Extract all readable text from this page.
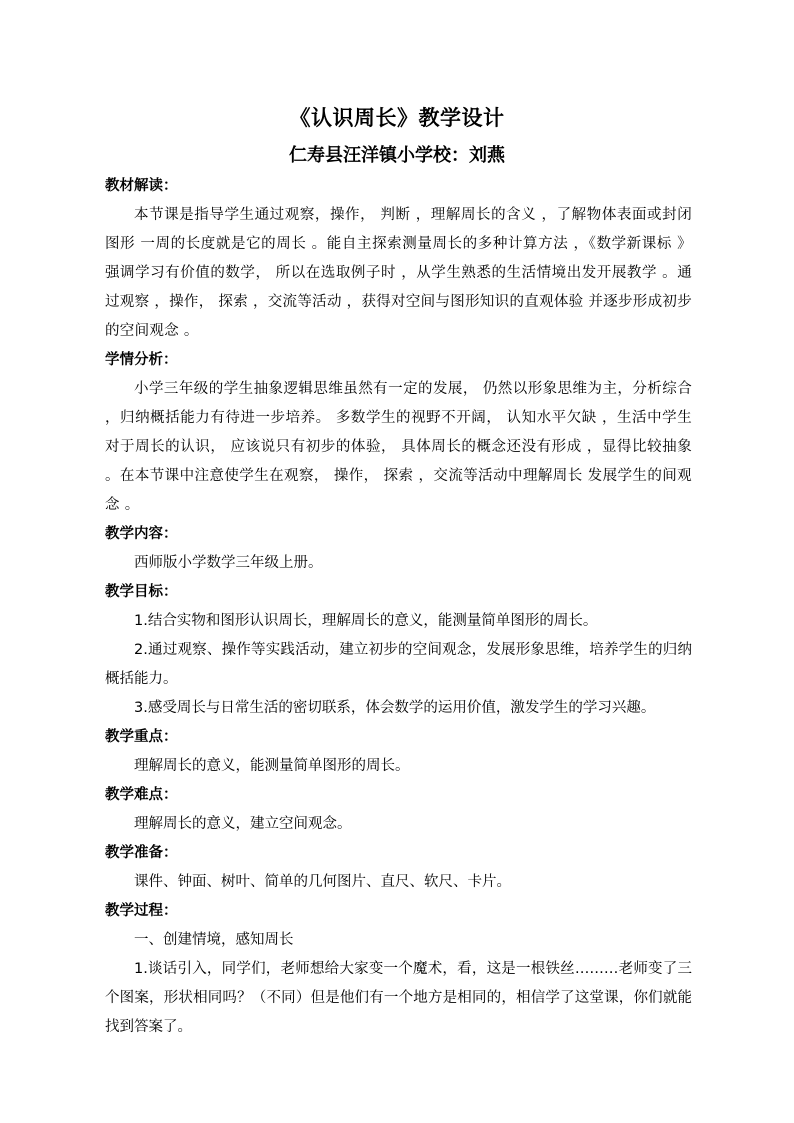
《认识周长》教学设计
仁寿县汪洋镇小学校：刘燕

教材解读：

本节课是指导学生通过观察，操作， 判断 ，理解周长的含义 ，了解物体表面或封闭图形 一周的长度就是它的周长 。能自主探索测量周长的多种计算方法 ，《数学新课标 》强调学习有价值的数学， 所以在选取例子时 ，从学生熟悉的生活情境出发开展教学 。通过观察 ，操作， 探索 ，交流等活动 ，获得对空间与图形知识的直观体验 并逐步形成初步的空间观念 。

学情分析：

小学三年级的学生抽象逻辑思维虽然有一定的发展， 仍然以形象思维为主，分析综合 ，归纳概括能力有待进一步培养。 多数学生的视野不开阔， 认知水平欠缺 ，生活中学生对于周长的认识， 应该说只有初步的体验， 具体周长的概念还没有形成 ，显得比较抽象 。在本节课中注意使学生在观察， 操作， 探索 ，交流等活动中理解周长 发展学生的间观念 。

教学内容：

西师版小学数学三年级上册。

教学目标：

1.结合实物和图形认识周长，理解周长的意义，能测量简单图形的周长。

2.通过观察、操作等实践活动，建立初步的空间观念，发展形象思维，培养学生的归纳概括能力。

3.感受周长与日常生活的密切联系，体会数学的运用价值，激发学生的学习兴趣。

教学重点：

理解周长的意义，能测量简单图形的周长。

教学难点：

理解周长的意义，建立空间观念。

教学准备：

课件、钟面、树叶、简单的几何图片、直尺、软尺、卡片。

教学过程：

一、创建情境，感知周长

1.谈话引入，同学们，老师想给大家变一个魔术，看，这是一根铁丝………老师变了三个图案，形状相同吗？（不同）但是他们有一个地方是相同的，相信学了这堂课，你们就能找到答案了。
